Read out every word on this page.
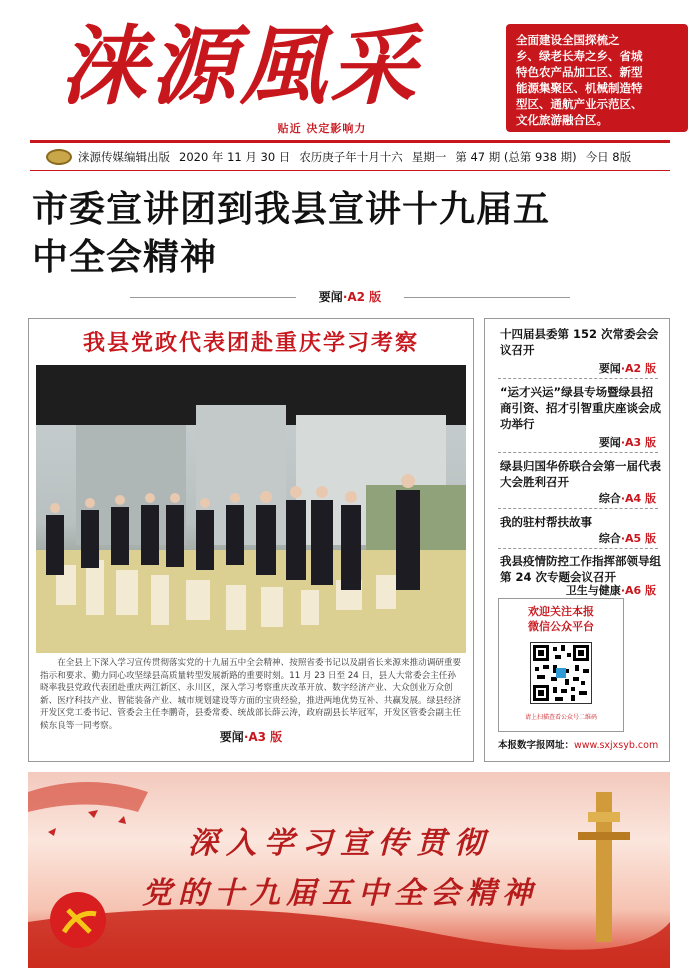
涞源風采
贴近 决定影响力
全面建设全国探梳之
乡、绿老长寿之乡、省城
特色农产品加工区、新型
能源集聚区、机械制造特
型区、通航产业示范区、
文化旅游融合区。
涞源传媒编辑出版 2020 年 11 月 30 日 农历庚子年十月十六 星期一 第 47 期 (总第 938 期) 今日 8版
市委宣讲团到我县宣讲十九届五
中全会精神
要闻·A2 版
我县党政代表团赴重庆学习考察
在全县上下深入学习宣传贯彻落实党的十九届五中全会精神、按照省委书记以及副省长来源来推动调研重要指示和要求、勤力同心攻坚绿县高质量转型发展新路的重要时刻。11 月 23 日至 24 日，县人大常委会主任孙晓率我县党政代表团赴重庆两江新区、永川区，深入学习考察重庆改革开放、数字经济产业、大众创业万众创新、医疗科技产业、智能装备产业、城市规划建设等方面的宝贵经验，推进两地优势互补、共赢发展。绿县经济开发区党工委书记、管委会主任李鹏奇，县委常委、统战部长薛云涛，政府副县长毕冠军，开发区管委会副主任候东良等一同考察。
要闻·A3 版
十四届县委第 152 次常委会会议召开
要闻·A2 版
“运才兴运”绿县专场暨绿县招商引资、招才引智重庆座谈会成功举行
要闻·A3 版
绿县归国华侨联合会第一届代表大会胜利召开
综合·A4 版
我的驻村帮扶故事
综合·A5 版
我县疫情防控工作指挥部领导组第 24 次专题会议召开
卫生与健康·A6 版
欢迎关注本报
微信公众平台
请上扫描查看公众号二维码
本报数字报网址：www.sxjxsyb.com
深入学习宣传贯彻
党的十九届五中全会精神
